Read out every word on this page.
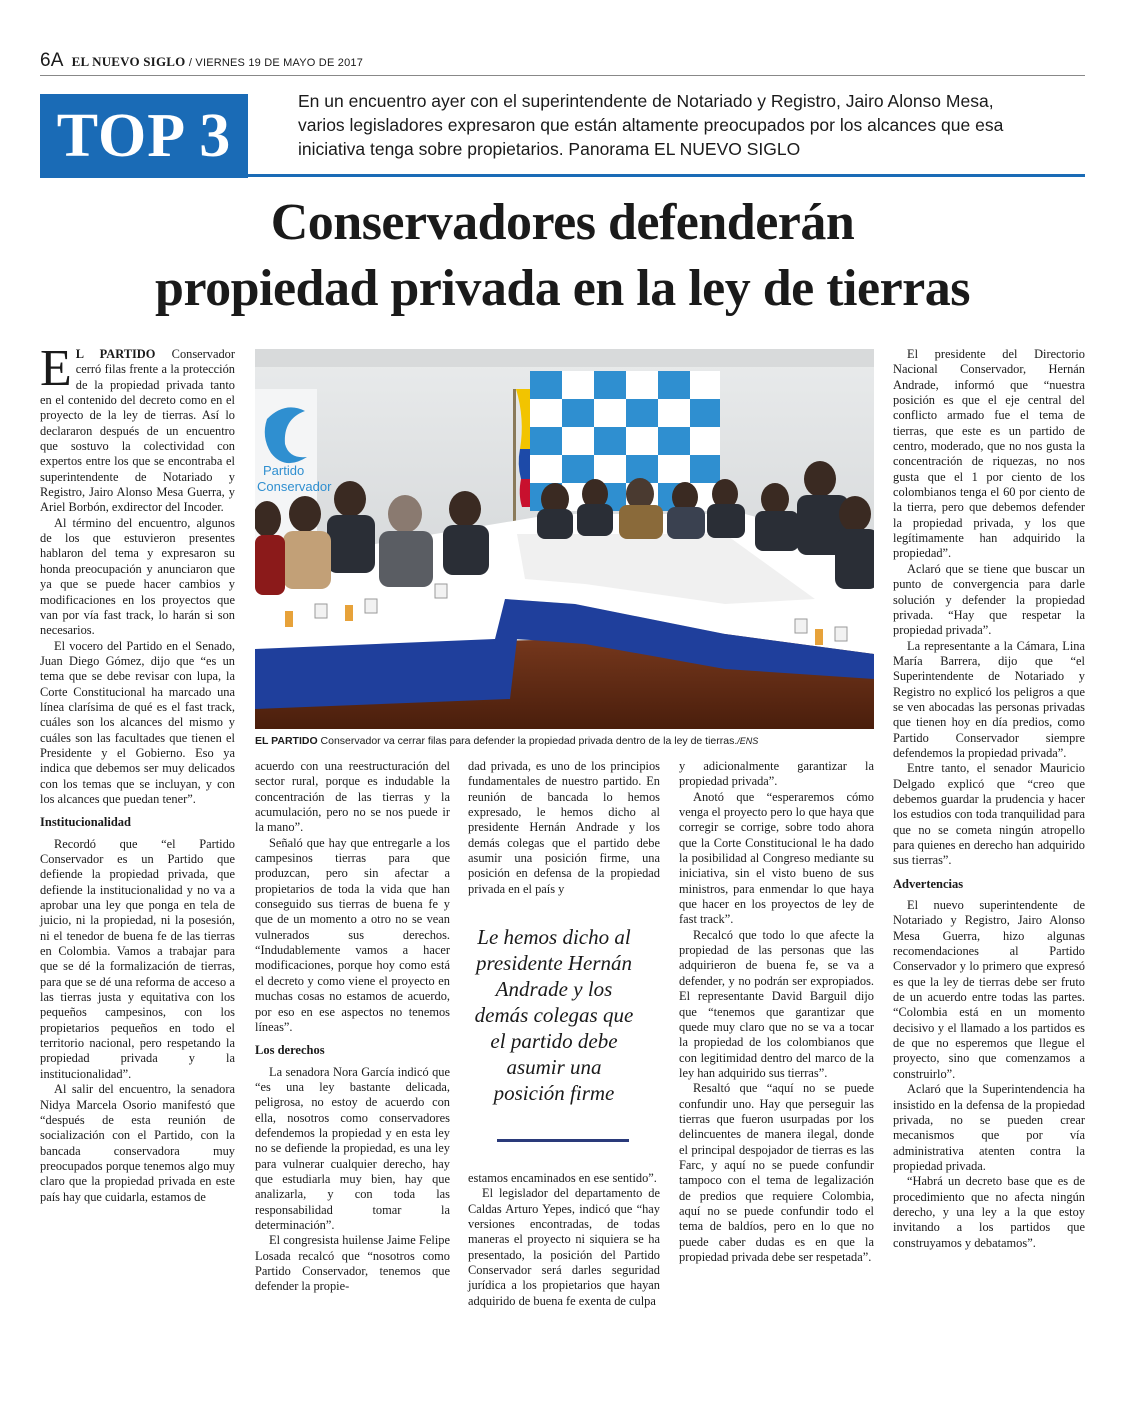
6A EL NUEVO SIGLO / VIERNES 19 DE MAYO DE 2017
TOP 3
En un encuentro ayer con el superintendente de Notariado y Registro, Jairo Alonso Mesa, varios legisladores expresaron que están altamente preocupados por los alcances que esa iniciativa tenga sobre propietarios. Panorama EL NUEVO SIGLO
Conservadores defenderán
propiedad privada en la ley de tierras

E L PARTIDO Conservador cerró filas frente a la protección de la propiedad privada tanto en el contenido del decreto como en el proyecto de la ley de tierras. Así lo declararon después de un encuentro que sostuvo la colectividad con expertos entre los que se encontraba el superintendente de Notariado y Registro, Jairo Alonso Mesa Guerra, y Ariel Borbón, exdirector del Incoder.

Al término del encuentro, algunos de los que estuvieron presentes hablaron del tema y expresaron su honda preocupación y anunciaron que ya que se puede hacer cambios y modificaciones en los proyectos que van por vía fast track, lo harán si son necesarios.

El vocero del Partido en el Senado, Juan Diego Gómez, dijo que “es un tema que se debe revisar con lupa, la Corte Constitucional ha marcado una línea clarísima de qué es el fast track, cuáles son los alcances del mismo y cuáles son las facultades que tienen el Presidente y el Gobierno. Eso ya indica que debemos ser muy delicados con los temas que se incluyan, y con los alcances que puedan tener”.

Institucionalidad

Recordó que “el Partido Conservador es un Partido que defiende la propiedad privada, que defiende la institucionalidad y no va a aprobar una ley que ponga en tela de juicio, ni la propiedad, ni la posesión, ni el tenedor de buena fe de las tierras en Colombia. Vamos a trabajar para que se dé la formalización de tierras, para que se dé una reforma de acceso a las tierras justa y equitativa con los pequeños campesinos, con los propietarios pequeños en todo el territorio nacional, pero respetando la propiedad privada y la institucionalidad”.

Al salir del encuentro, la senadora Nidya Marcela Osorio manifestó que “después de esta reunión de socialización con el Partido, con la bancada conservadora muy preocupados porque tenemos algo muy claro que la propiedad privada en este país hay que cuidarla, estamos de

Partido
Conservador
EL PARTIDO Conservador va cerrar filas para defender la propiedad privada dentro de la ley de tierras./ENS

acuerdo con una reestructuración del sector rural, porque es indudable la concentración de las tierras y la acumulación, pero no se nos puede ir la mano”.

Señaló que hay que entregarle a los campesinos tierras para que produzcan, pero sin afectar a propietarios de toda la vida que han conseguido sus tierras de buena fe y que de un momento a otro no se vean vulnerados sus derechos. “Indudablemente vamos a hacer modificaciones, porque hoy como está el decreto y como viene el proyecto en muchas cosas no estamos de acuerdo, por eso en ese aspectos no tenemos líneas”.

Los derechos

La senadora Nora García indicó que “es una ley bastante delicada, peligrosa, no estoy de acuerdo con ella, nosotros como conservadores defendemos la propiedad y en esta ley no se defiende la propiedad, es una ley para vulnerar cualquier derecho, hay que estudiarla muy bien, hay que analizarla, y con toda las responsabilidad tomar la determinación”.

El congresista huilense Jaime Felipe Losada recalcó que “nosotros como Partido Conservador, tenemos que defender la propie-

dad privada, es uno de los principios fundamentales de nuestro partido. En reunión de bancada lo hemos expresado, le hemos dicho al presidente Hernán Andrade y los demás colegas que el partido debe asumir una posición firme, una posición en defensa de la propiedad privada en el país y

Le hemos dicho al presidente Hernán Andrade y los demás colegas que el partido debe asumir una posición firme

estamos encaminados en ese sentido”.

El legislador del departamento de Caldas Arturo Yepes, indicó que “hay versiones encontradas, de todas maneras el proyecto ni siquiera se ha presentado, la posición del Partido Conservador será darles seguridad jurídica a los propietarios que hayan adquirido de buena fe exenta de culpa

y adicionalmente garantizar la propiedad privada”.

Anotó que “esperaremos cómo venga el proyecto pero lo que haya que corregir se corrige, sobre todo ahora que la Corte Constitucional le ha dado la posibilidad al Congreso mediante su iniciativa, sin el visto bueno de sus ministros, para enmendar lo que haya que hacer en los proyectos de ley de fast track”.

Recalcó que todo lo que afecte la propiedad de las personas que las adquirieron de buena fe, se va a defender, y no podrán ser expropiados. El representante David Barguil dijo que “tenemos que garantizar que quede muy claro que no se va a tocar la propiedad de los colombianos que con legitimidad dentro del marco de la ley han adquirido sus tierras”.

Resaltó que “aquí no se puede confundir uno. Hay que perseguir las tierras que fueron usurpadas por los delincuentes de manera ilegal, donde el principal despojador de tierras es las Farc, y aquí no se puede confundir tampoco con el tema de legalización de predios que requiere Colombia, aquí no se puede confundir todo el tema de baldíos, pero en lo que no puede caber dudas es en que la propiedad privada debe ser respetada”.

El presidente del Directorio Nacional Conservador, Hernán Andrade, informó que “nuestra posición es que el eje central del conflicto armado fue el tema de tierras, que este es un partido de centro, moderado, que no nos gusta la concentración de riquezas, no nos gusta que el 1 por ciento de los colombianos tenga el 60 por ciento de la tierra, pero que debemos defender la propiedad privada, y los que legítimamente han adquirido la propiedad”.

Aclaró que se tiene que buscar un punto de convergencia para darle solución y defender la propiedad privada. “Hay que respetar la propiedad privada”.

La representante a la Cámara, Lina María Barrera, dijo que “el Superintendente de Notariado y Registro no explicó los peligros a que se ven abocadas las personas privadas que tienen hoy en día predios, como Partido Conservador siempre defendemos la propiedad privada”.

Entre tanto, el senador Mauricio Delgado explicó que “creo que debemos guardar la prudencia y hacer los estudios con toda tranquilidad para que no se cometa ningún atropello para quienes en derecho han adquirido sus tierras”.

Advertencias

El nuevo superintendente de Notariado y Registro, Jairo Alonso Mesa Guerra, hizo algunas recomendaciones al Partido Conservador y lo primero que expresó es que la ley de tierras debe ser fruto de un acuerdo entre todas las partes. “Colombia está en un momento decisivo y el llamado a los partidos es de que no esperemos que llegue el proyecto, sino que comenzamos a construirlo”.

Aclaró que la Superintendencia ha insistido en la defensa de la propiedad privada, no se pueden crear mecanismos que por vía administrativa atenten contra la propiedad privada.

“Habrá un decreto base que es de procedimiento que no afecta ningún derecho, y una ley a la que estoy invitando a los partidos que construyamos y debatamos”.
